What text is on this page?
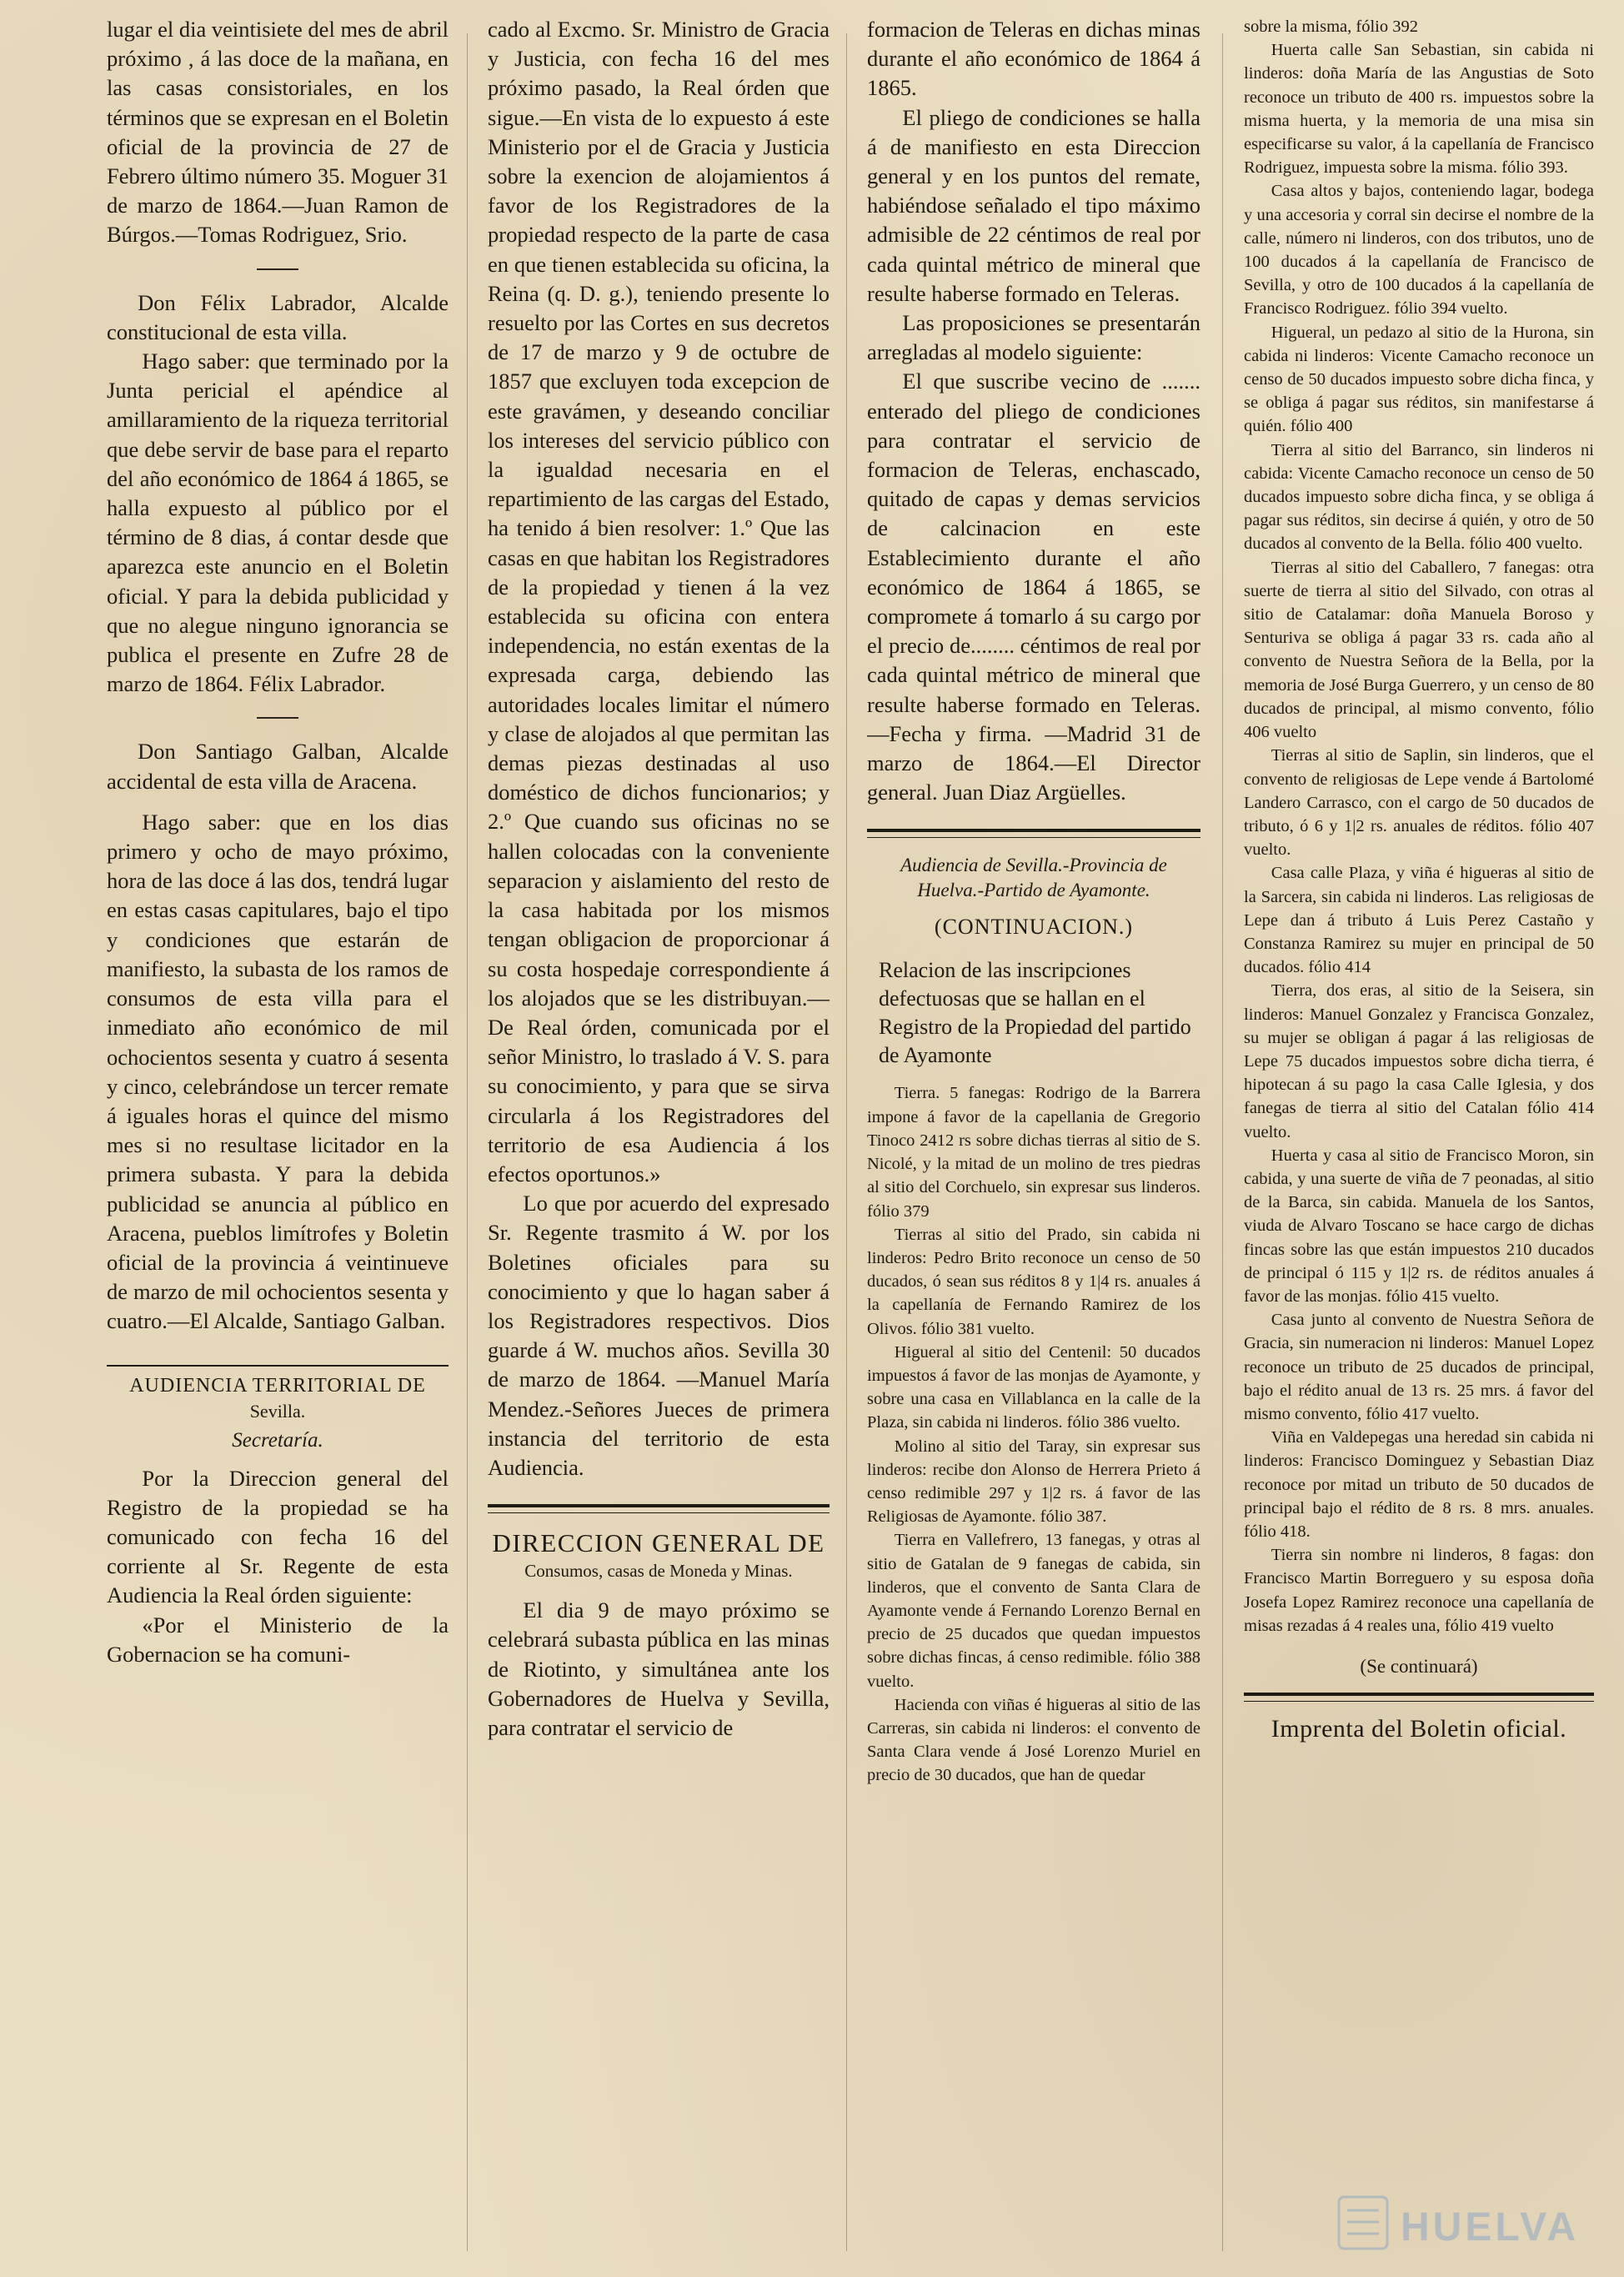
lugar el dia veintisiete del mes de abril próximo , á las doce de la mañana, en las casas consistoriales, en los términos que se expresan en el Boletin oficial de la provincia de 27 de Febrero último número 35. Moguer 31 de marzo de 1864.—Juan Ramon de Búrgos.—Tomas Rodriguez, Srio.

Don Félix Labrador, Alcalde constitucional de esta villa.

Hago saber: que terminado por la Junta pericial el apéndice al amillaramiento de la riqueza territorial que debe servir de base para el reparto del año económico de 1864 á 1865, se halla expuesto al público por el término de 8 dias, á contar desde que aparezca este anuncio en el Boletin oficial. Y para la debida publicidad y que no alegue ninguno ignorancia se publica el presente en Zufre 28 de marzo de 1864. Félix Labrador.

Don Santiago Galban, Alcalde accidental de esta villa de Aracena.

Hago saber: que en los dias primero y ocho de mayo próximo, hora de las doce á las dos, tendrá lugar en estas casas capitulares, bajo el tipo y condiciones que estarán de manifiesto, la subasta de los ramos de consumos de esta villa para el inmediato año económico de mil ochocientos sesenta y cuatro á sesenta y cinco, celebrándose un tercer remate á iguales horas el quince del mismo mes si no resultase licitador en la primera subasta. Y para la debida publicidad se anuncia al público en Aracena, pueblos limítrofes y Boletin oficial de la provincia á veintinueve de marzo de mil ochocientos sesenta y cuatro.—El Alcalde, Santiago Galban.

AUDIENCIA TERRITORIAL DE
Sevilla.
Secretaría.

Por la Direccion general del Registro de la propiedad se ha comunicado con fecha 16 del corriente al Sr. Regente de esta Audiencia la Real órden siguiente:

«Por el Ministerio de la Gobernacion se ha comuni-

cado al Excmo. Sr. Ministro de Gracia y Justicia, con fecha 16 del mes próximo pasado, la Real órden que sigue.—En vista de lo expuesto á este Ministerio por el de Gracia y Justicia sobre la exencion de alojamientos á favor de los Registradores de la propiedad respecto de la parte de casa en que tienen establecida su oficina, la Reina (q. D. g.), teniendo presente lo resuelto por las Cortes en sus decretos de 17 de marzo y 9 de octubre de 1857 que excluyen toda excepcion de este gravámen, y deseando conciliar los intereses del servicio público con la igualdad necesaria en el repartimiento de las cargas del Estado, ha tenido á bien resolver: 1.º Que las casas en que habitan los Registradores de la propiedad y tienen á la vez establecida su oficina con entera independencia, no están exentas de la expresada carga, debiendo las autoridades locales limitar el número y clase de alojados al que permitan las demas piezas destinadas al uso doméstico de dichos funcionarios; y 2.º Que cuando sus oficinas no se hallen colocadas con la conveniente separacion y aislamiento del resto de la casa habitada por los mismos tengan obligacion de proporcionar á su costa hospedaje correspondiente á los alojados que se les distribuyan.—De Real órden, comunicada por el señor Ministro, lo traslado á V. S. para su conocimiento, y para que se sirva circularla á los Registradores del territorio de esa Audiencia á los efectos oportunos.»

Lo que por acuerdo del expresado Sr. Regente trasmito á W. por los Boletines oficiales para su conocimiento y que lo hagan saber á los Registradores respectivos. Dios guarde á W. muchos años. Sevilla 30 de marzo de 1864. —Manuel María Mendez.-Señores Jueces de primera instancia del territorio de esta Audiencia.

DIRECCION GENERAL DE
Consumos, casas de Moneda y Minas.

El dia 9 de mayo próximo se celebrará subasta pública en las minas de Riotinto, y simultánea ante los Gobernadores de Huelva y Sevilla, para contratar el servicio de

formacion de Teleras en dichas minas durante el año económico de 1864 á 1865.

El pliego de condiciones se halla á de manifiesto en esta Direccion general y en los puntos del remate, habiéndose señalado el tipo máximo admisible de 22 céntimos de real por cada quintal métrico de mineral que resulte haberse formado en Teleras.

Las proposiciones se presentarán arregladas al modelo siguiente:

El que suscribe vecino de ....... enterado del pliego de condiciones para contratar el servicio de formacion de Teleras, enchascado, quitado de capas y demas servicios de calcinacion en este Establecimiento durante el año económico de 1864 á 1865, se compromete á tomarlo á su cargo por el precio de........ céntimos de real por cada quintal métrico de mineral que resulte haberse formado en Teleras.—Fecha y firma. —Madrid 31 de marzo de 1864.—El Director general. Juan Diaz Argüelles.

Audiencia de Sevilla.-Provincia de Huelva.-Partido de Ayamonte.
(CONTINUACION.)

Relacion de las inscripciones defectuosas que se hallan en el Registro de la Propiedad del partido de Ayamonte

Tierra. 5 fanegas: Rodrigo de la Barrera impone á favor de la capellania de Gregorio Tinoco 2412 rs sobre dichas tierras al sitio de S. Nicolé, y la mitad de un molino de tres piedras al sitio del Corchuelo, sin expresar sus linderos. fólio 379

Tierras al sitio del Prado, sin cabida ni linderos: Pedro Brito reconoce un censo de 50 ducados, ó sean sus réditos 8 y 1|4 rs. anuales á la capellanía de Fernando Ramirez de los Olivos. fólio 381 vuelto.

Higueral al sitio del Centenil: 50 ducados impuestos á favor de las monjas de Ayamonte, y sobre una casa en Villablanca en la calle de la Plaza, sin cabida ni linderos. fólio 386 vuelto.

Molino al sitio del Taray, sin expresar sus linderos: recibe don Alonso de Herrera Prieto á censo redimible 297 y 1|2 rs. á favor de las Religiosas de Ayamonte. fólio 387.

Tierra en Vallefrero, 13 fanegas, y otras al sitio de Gatalan de 9 fanegas de cabida, sin linderos, que el convento de Santa Clara de Ayamonte vende á Fernando Lorenzo Bernal en precio de 25 ducados que quedan impuestos sobre dichas fincas, á censo redimible. fólio 388 vuelto.

Hacienda con viñas é higueras al sitio de las Carreras, sin cabida ni linderos: el convento de Santa Clara vende á José Lorenzo Muriel en precio de 30 ducados, que han de quedar

sobre la misma, fólio 392

Huerta calle San Sebastian, sin cabida ni linderos: doña María de las Angustias de Soto reconoce un tributo de 400 rs. impuestos sobre la misma huerta, y la memoria de una misa sin especificarse su valor, á la capellanía de Francisco Rodriguez, impuesta sobre la misma. fólio 393.

Casa altos y bajos, conteniendo lagar, bodega y una accesoria y corral sin decirse el nombre de la calle, número ni linderos, con dos tributos, uno de 100 ducados á la capellanía de Francisco de Sevilla, y otro de 100 ducados á la capellanía de Francisco Rodriguez. fólio 394 vuelto.

Higueral, un pedazo al sitio de la Hurona, sin cabida ni linderos: Vicente Camacho reconoce un censo de 50 ducados impuesto sobre dicha finca, y se obliga á pagar sus réditos, sin manifestarse á quién. fólio 400

Tierra al sitio del Barranco, sin linderos ni cabida: Vicente Camacho reconoce un censo de 50 ducados impuesto sobre dicha finca, y se obliga á pagar sus réditos, sin decirse á quién, y otro de 50 ducados al convento de la Bella. fólio 400 vuelto.

Tierras al sitio del Caballero, 7 fanegas: otra suerte de tierra al sitio del Silvado, con otras al sitio de Catalamar: doña Manuela Boroso y Senturiva se obliga á pagar 33 rs. cada año al convento de Nuestra Señora de la Bella, por la memoria de José Burga Guerrero, y un censo de 80 ducados de principal, al mismo convento, fólio 406 vuelto

Tierras al sitio de Saplin, sin linderos, que el convento de religiosas de Lepe vende á Bartolomé Landero Carrasco, con el cargo de 50 ducados de tributo, ó 6 y 1|2 rs. anuales de réditos. fólio 407 vuelto.

Casa calle Plaza, y viña é higueras al sitio de la Sarcera, sin cabida ni linderos. Las religiosas de Lepe dan á tributo á Luis Perez Castaño y Constanza Ramirez su mujer en principal de 50 ducados. fólio 414

Tierra, dos eras, al sitio de la Seisera, sin linderos: Manuel Gonzalez y Francisca Gonzalez, su mujer se obligan á pagar á las religiosas de Lepe 75 ducados impuestos sobre dicha tierra, é hipotecan á su pago la casa Calle Iglesia, y dos fanegas de tierra al sitio del Catalan fólio 414 vuelto.

Huerta y casa al sitio de Francisco Moron, sin cabida, y una suerte de viña de 7 peonadas, al sitio de la Barca, sin cabida. Manuela de los Santos, viuda de Alvaro Toscano se hace cargo de dichas fincas sobre las que están impuestos 210 ducados de principal ó 115 y 1|2 rs. de réditos anuales á favor de las monjas. fólio 415 vuelto.

Casa junto al convento de Nuestra Señora de Gracia, sin numeracion ni linderos: Manuel Lopez reconoce un tributo de 25 ducados de principal, bajo el rédito anual de 13 rs. 25 mrs. á favor del mismo convento, fólio 417 vuelto.

Viña en Valdepegas una heredad sin cabida ni linderos: Francisco Dominguez y Sebastian Diaz reconoce por mitad un tributo de 50 ducados de principal bajo el rédito de 8 rs. 8 mrs. anuales. fólio 418.

Tierra sin nombre ni linderos, 8 fagas: don Francisco Martin Borreguero y su esposa doña Josefa Lopez Ramirez reconoce una capellanía de misas rezadas á 4 reales una, fólio 419 vuelto

(Se continuará)
Imprenta del Boletin oficial.
HUELVA
